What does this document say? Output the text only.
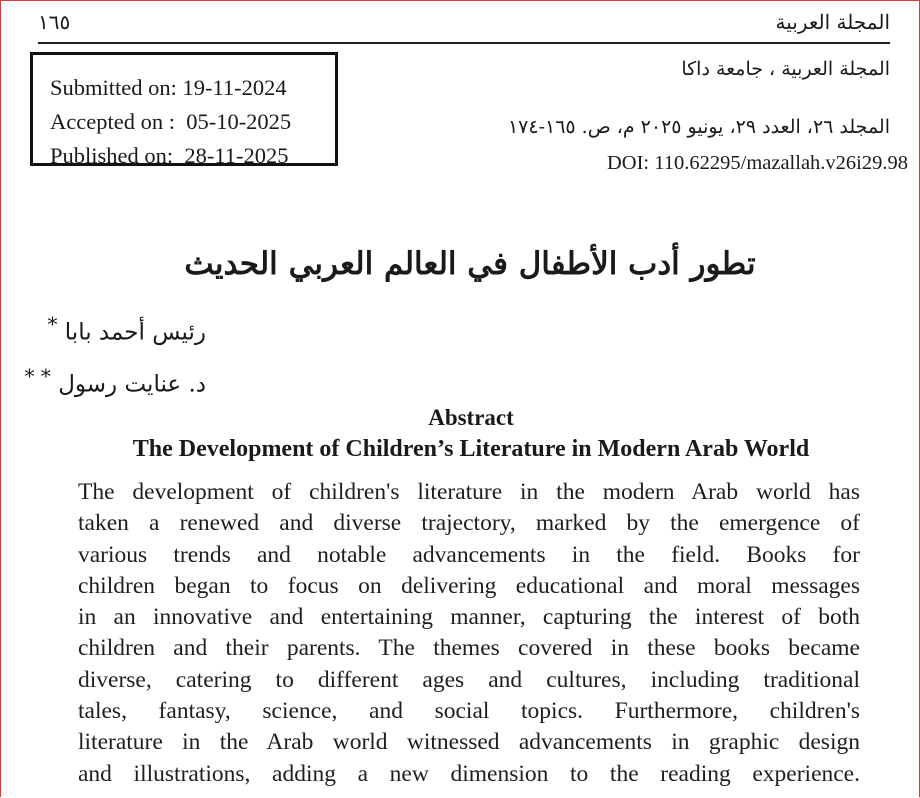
١٦٥	المجلة العربية
Submitted on: 19-11-2024
Accepted on :  05-10-2025
Published on:  28-11-2025
المجلة العربية ، جامعة داكا
المجلد ٢٦، العدد ٢٩، يونيو ٢٠٢٥ م، ص. ١٦٥-١٧٤
DOI: 110.62295/mazallah.v26i29.98
تطور أدب الأطفال في العالم العربي الحديث
رئيس أحمد بابا *
د. عنايت رسول * *
Abstract
The Development of Children’s Literature in Modern Arab World
The development of children's literature in the modern Arab world has
taken a renewed and diverse trajectory, marked by the emergence of
various trends and notable advancements in the field. Books for
children began to focus on delivering educational and moral messages
in an innovative and entertaining manner, capturing the interest of both
children and their parents. The themes covered in these books became
diverse, catering to different ages and cultures, including traditional
tales, fantasy, science, and social topics. Furthermore, children's
literature in the Arab world witnessed advancements in graphic design
and illustrations, adding a new dimension to the reading experience.
